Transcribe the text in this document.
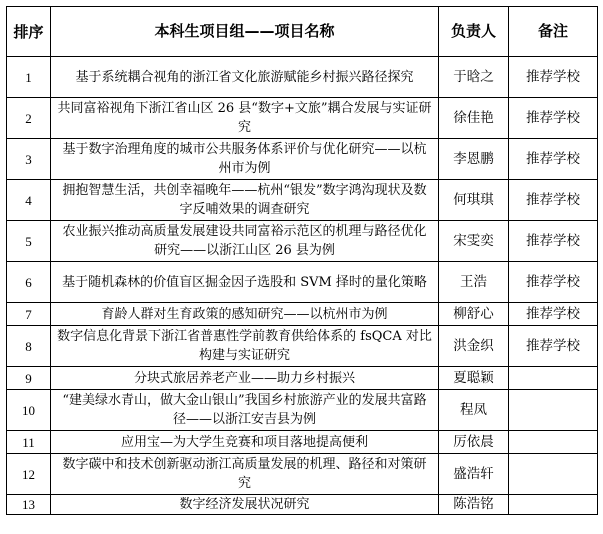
排序	本科生项目组——项目名称	负责人	备注
1	基于系统耦合视角的浙江省文化旅游赋能乡村振兴路径探究	于晗之	推荐学校
2	共同富裕视角下浙江省山区 26 县“数字+文旅”耦合发展与实证研究	徐佳艳	推荐学校
3	基于数字治理角度的城市公共服务体系评价与优化研究——以杭州市为例	李恩鹏	推荐学校
4	拥抱智慧生活，共创幸福晚年——杭州“银发”数字鸿沟现状及数字反哺效果的调查研究	何琪琪	推荐学校
5	农业振兴推动高质量发展建设共同富裕示范区的机理与路径优化研究——以浙江山区 26 县为例	宋雯奕	推荐学校
6	基于随机森林的价值盲区掘金因子选股和 SVM 择时的量化策略	王浩	推荐学校
7	育龄人群对生育政策的感知研究——以杭州市为例	柳舒心	推荐学校
8	数字信息化背景下浙江省普惠性学前教育供给体系的 fsQCA 对比构建与实证研究	洪金织	推荐学校
9	分块式旅居养老产业——助力乡村振兴	夏聪颖	
10	“建美绿水青山，做大金山银山”我国乡村旅游产业的发展共富路径——以浙江安吉县为例	程凤	
11	应用宝—为大学生竞赛和项目落地提高便利	厉依晨	
12	数字碳中和技术创新驱动浙江高质量发展的机理、路径和对策研究	盛浩轩	
13	数字经济发展状况研究	陈浩铭	
